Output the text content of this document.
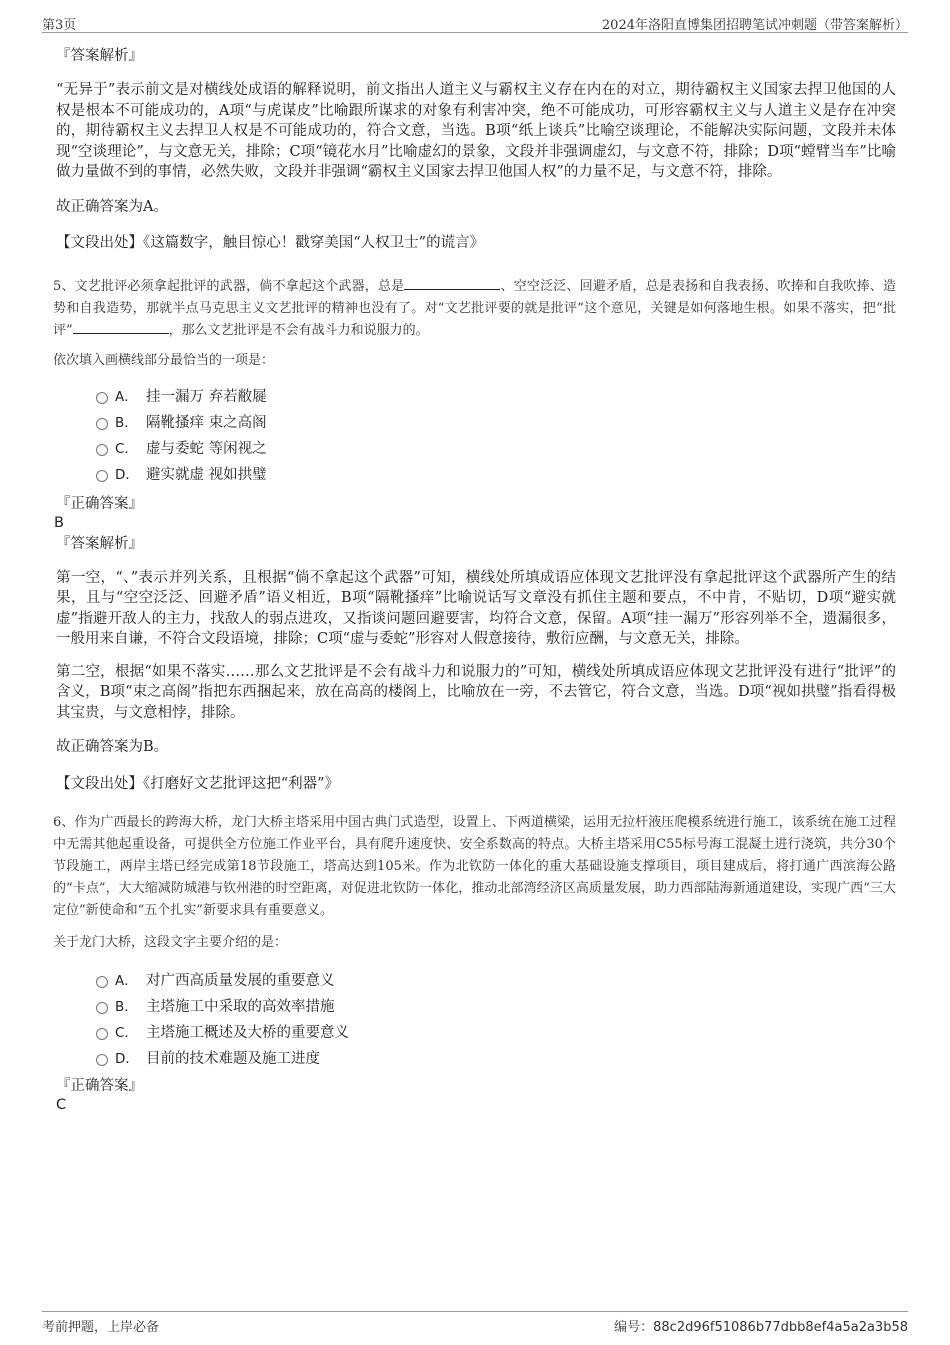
第3页	2024年洛阳直博集团招聘笔试冲刺题（带答案解析）

『答案解析』

“无异于”表示前文是对横线处成语的解释说明，前文指出人道主义与霸权主义存在内在的对立，期待霸权主义国家去捍卫他国的人权是根本不可能成功的，A项“与虎谋皮”比喻跟所谋求的对象有利害冲突，绝不可能成功，可形容霸权主义与人道主义是存在冲突的，期待霸权主义去捍卫人权是不可能成功的，符合文意，当选。B项“纸上谈兵”比喻空谈理论，不能解决实际问题，文段并未体现“空谈理论”，与文意无关，排除；C项“镜花水月”比喻虚幻的景象，文段并非强调虚幻，与文意不符，排除；D项“螳臂当车”比喻做力量做不到的事情，必然失败，文段并非强调“霸权主义国家去捍卫他国人权”的力量不足，与文意不符，排除。

故正确答案为A。

【文段出处】《这篇数字，触目惊心！戳穿美国“人权卫士”的谎言》

5、文艺批评必须拿起批评的武器，倘不拿起这个武器，总是	、空空泛泛、回避矛盾，总是表扬和自我表扬、吹捧和自我吹捧、造势和自我造势，那就半点马克思主义文艺批评的精神也没有了。对“文艺批评要的就是批评”这个意见，关键是如何落地生根。如果不落实，把“批评”	，那么文艺批评是不会有战斗力和说服力的。

依次填入画横线部分最恰当的一项是：

A． 挂一漏万 弃若敝屣
B． 隔靴搔痒 束之高阁
C． 虚与委蛇 等闲视之
D． 避实就虚 视如拱璧

『正确答案』

B

『答案解析』

第一空，“、”表示并列关系，且根据“倘不拿起这个武器”可知，横线处所填成语应体现文艺批评没有拿起批评这个武器所产生的结果，且与“空空泛泛、回避矛盾”语义相近，B项“隔靴搔痒”比喻说话写文章没有抓住主题和要点，不中肯，不贴切，D项“避实就虚”指避开敌人的主力，找敌人的弱点进攻，又指谈问题回避要害，均符合文意，保留。A项“挂一漏万”形容列举不全，遗漏很多，一般用来自谦，不符合文段语境，排除；C项“虚与委蛇”形容对人假意接待，敷衍应酬，与文意无关，排除。

第二空，根据“如果不落实……那么文艺批评是不会有战斗力和说服力的”可知，横线处所填成语应体现文艺批评没有进行“批评”的含义，B项“束之高阁”指把东西捆起来，放在高高的楼阁上，比喻放在一旁，不去管它，符合文意，当选。D项“视如拱璧”指看得极其宝贵，与文意相悖，排除。

故正确答案为B。

【文段出处】《打磨好文艺批评这把“利器”》

6、作为广西最长的跨海大桥，龙门大桥主塔采用中国古典门式造型，设置上、下两道横梁，运用无拉杆液压爬模系统进行施工，该系统在施工过程中无需其他起重设备，可提供全方位施工作业平台，具有爬升速度快、安全系数高的特点。大桥主塔采用C55标号海工混凝土进行浇筑，共分30个节段施工，两岸主塔已经完成第18节段施工，塔高达到105米。作为北钦防一体化的重大基础设施支撑项目，项目建成后，将打通广西滨海公路的“卡点”，大大缩减防城港与钦州港的时空距离，对促进北钦防一体化，推动北部湾经济区高质量发展，助力西部陆海新通道建设，实现广西“三大定位”新使命和“五个扎实”新要求具有重要意义。

关于龙门大桥，这段文字主要介绍的是：

A． 对广西高质量发展的重要意义
B． 主塔施工中采取的高效率措施
C． 主塔施工概述及大桥的重要意义
D． 目前的技术难题及施工进度

『正确答案』

C

考前押题，上岸必备	编号：88c2d96f51086b77dbb8ef4a5a2a3b58
